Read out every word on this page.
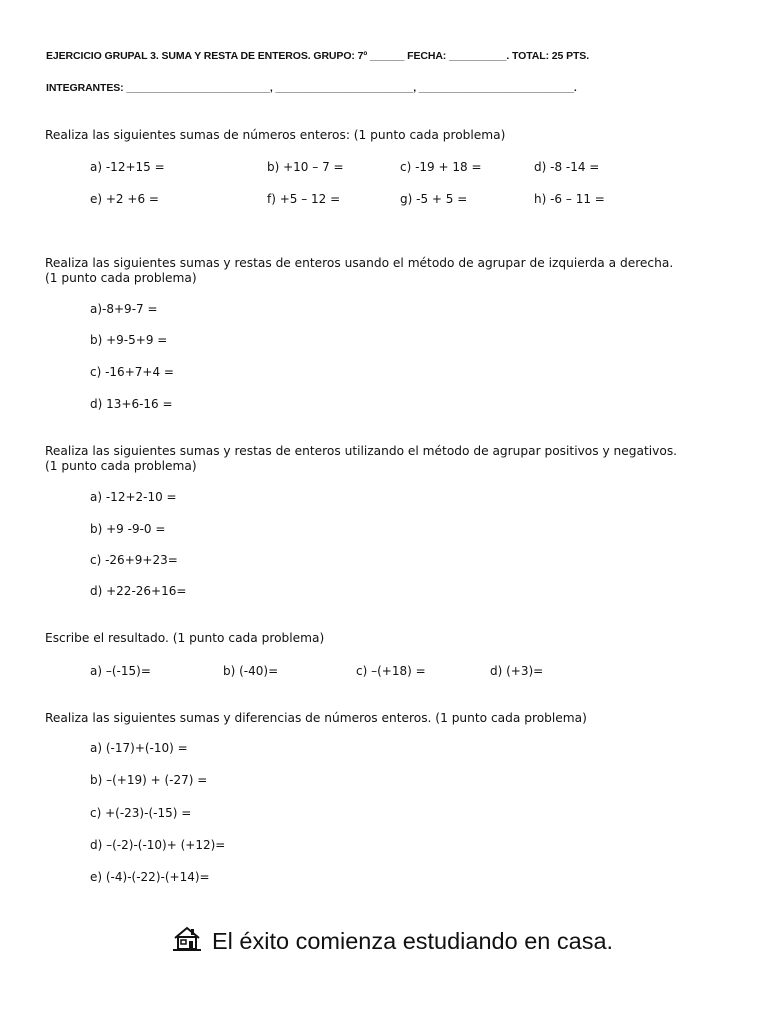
EJERCICIO GRUPAL 3. SUMA Y RESTA DE ENTEROS. GRUPO: 7º ______ FECHA: __________. TOTAL: 25 PTS.
INTEGRANTES: _________________________, ________________________, ___________________________.
Realiza las siguientes sumas de números enteros: (1 punto cada problema)
a) -12+15 =	b) +10 – 7 =	c) -19 + 18 =	d) -8 -14 =
e) +2 +6 =	f) +5 – 12 =	g) -5 + 5 =	h) -6 – 11 =
Realiza las siguientes sumas y restas de enteros usando el método de agrupar de izquierda a derecha.
(1 punto cada problema)
a)-8+9-7 =
b) +9-5+9 =
c) -16+7+4 =
d) 13+6-16 =
Realiza las siguientes sumas y restas de enteros utilizando el método de agrupar positivos y negativos.
(1 punto cada problema)
a) -12+2-10 =
b) +9 -9-0 =
c) -26+9+23=
d) +22-26+16=
Escribe el resultado. (1 punto cada problema)
a) –(-15)=	b) (-40)=	c) –(+18) =	d) (+3)=
Realiza las siguientes sumas y diferencias de números enteros. (1 punto cada problema)
a) (-17)+(-10) =
b) –(+19) + (-27) =
c) +(-23)-(-15) =
d) –(-2)-(-10)+ (+12)=
e) (-4)-(-22)-(+14)=
El éxito comienza estudiando en casa.
